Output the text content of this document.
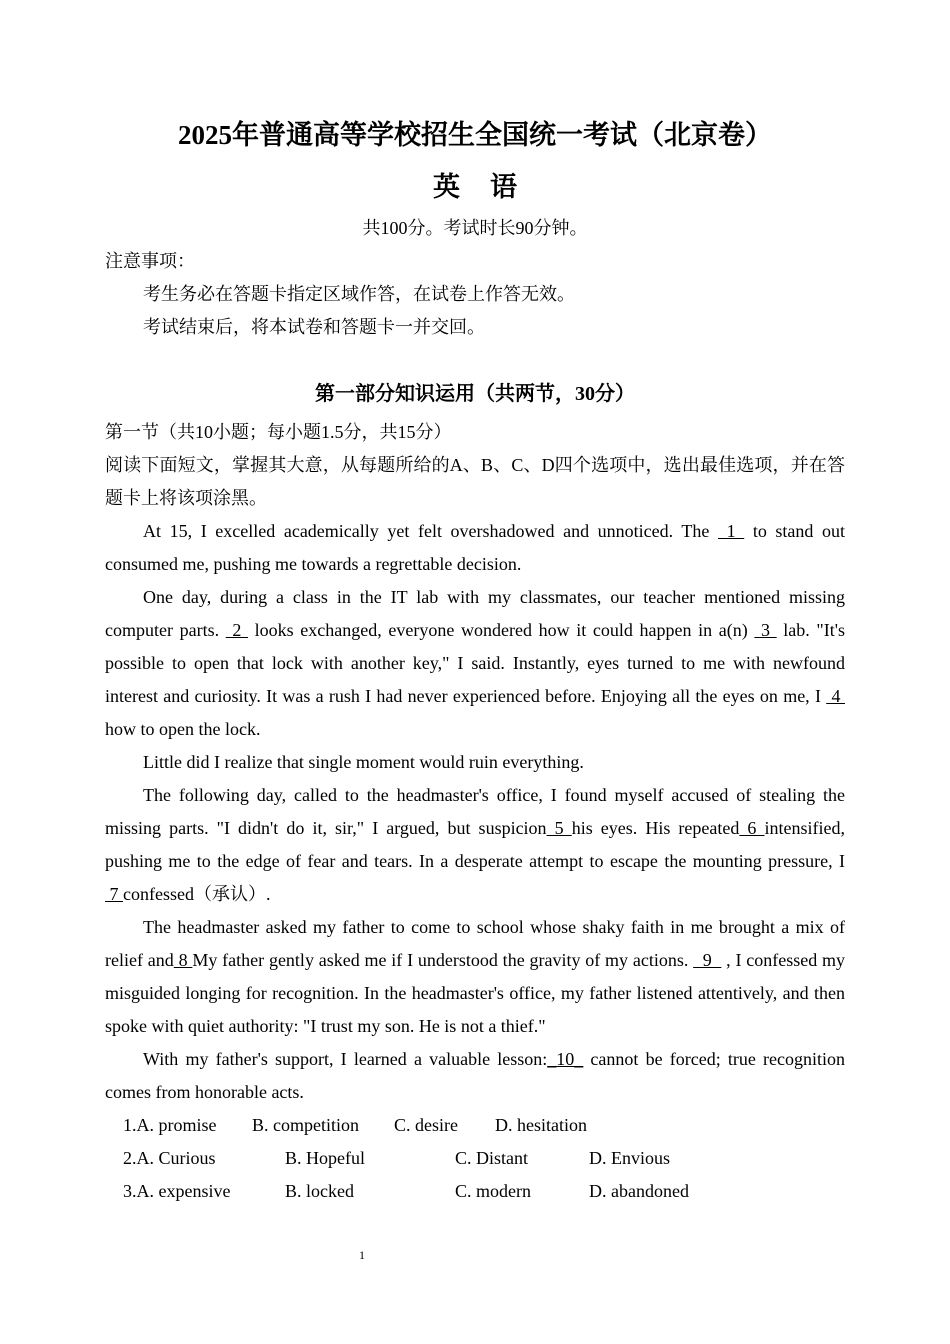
2025年普通高等学校招生全国统一考试（北京卷）
英语
共100分。考试时长90分钟。
注意事项：
考生务必在答题卡指定区域作答，在试卷上作答无效。
考试结束后，将本试卷和答题卡一并交回。
第一部分知识运用（共两节，30分）
第一节（共10小题；每小题1.5分，共15分）
阅读下面短文，掌握其大意，从每题所给的A、B、C、D四个选项中，选出最佳选项，并在答题卡上将该项涂黑。

At 15, I excelled academically yet felt overshadowed and unnoticed. The  1  to stand out consumed me, pushing me towards a regrettable decision.

One day, during a class in the IT lab with my classmates, our teacher mentioned missing computer parts.  2  looks exchanged, everyone wondered how it could happen in a(n)  3  lab. "It's possible to open that lock with another key," I said. Instantly, eyes turned to me with newfound interest and curiosity. It was a rush I had never experienced before. Enjoying all the eyes on me, I  4  how to open the lock.

Little did I realize that single moment would ruin everything.

The following day, called to the headmaster's office, I found myself accused of stealing the missing parts. "I didn't do it, sir," I argued, but suspicion 5 his eyes. His repeated 6 intensified, pushing me to the edge of fear and tears. In a desperate attempt to escape the mounting pressure, I 7 confessed（承认）.

The headmaster asked my father to come to school whose shaky faith in me brought a mix of relief and 8 My father gently asked me if I understood the gravity of my actions.   9   , I confessed my misguided longing for recognition. In the headmaster's office, my father listened attentively, and then spoke with quiet authority: "I trust my son. He is not a thief."

With my father's support, I learned a valuable lesson:_10_ cannot be forced; true recognition comes from honorable acts.

1.A. promise B. competition C. desire D. hesitation
2.A. Curious	B. Hopeful	C. Distant	D. Envious
3.A. expensive	B. locked	C. modern	D. abandoned
1
